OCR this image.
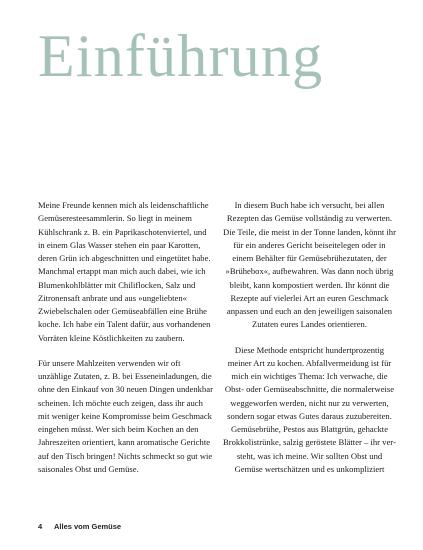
Einführung

Meine Freunde kennen mich als leidenschaftliche Gemüseresteesammlerin. So liegt in meinem Kühlschrank z. B. ein Paprikaschotenviertel, und in einem Glas Wasser stehen ein paar Karotten, deren Grün ich abgeschnitten und eingetütet habe. Manchmal ertappt man mich auch dabei, wie ich Blumenkohlblätter mit Chiliflocken, Salz und Zitronensaft anbrate und aus »ungeliebten« Zwiebelschalen oder Gemüseabfällen eine Brühe koche. Ich habe ein Talent dafür, aus vorhandenen Vorräten kleine Köstlichkeiten zu zaubern.

Für unsere Mahlzeiten verwenden wir oft unzählige Zutaten, z. B. bei Esseneinladungen, die ohne den Einkauf von 30 neuen Dingen undenkbar scheinen. Ich möchte euch zeigen, dass ihr auch mit weniger keine Kompromisse beim Geschmack eingehen müsst. Wer sich beim Kochen an den Jahreszeiten orientiert, kann aromatische Gerichte auf den Tisch bringen! Nichts schmeckt so gut wie saisonales Obst und Gemüse.

In diesem Buch habe ich versucht, bei allen Rezepten das Gemüse vollständig zu verwerten. Die Teile, die meist in der Tonne landen, könnt ihr für ein anderes Gericht beiseitelegen oder in einem Behälter für Gemüsebrühezutaten, der »Brühebox«, aufbewahren. Was dann noch übrig bleibt, kann kompostiert werden. Ihr könnt die Rezepte auf vielerlei Art an euren Geschmack anpassen und euch an den jeweiligen saisonalen Zutaten eures Landes orientieren.

Diese Methode entspricht hundertprozentig meiner Art zu kochen. Abfallvermeidung ist für mich ein wichtiges Thema: Ich verwache, die Obst- oder Gemüseabschnitte, die normalerweise weggeworfen werden, nicht nur zu verwerten, sondern sogar etwas Gutes daraus zuzubereiten. Gemüsebrühe, Pestos aus Blattgrün, gehackte Brokkolistrünke, salzig geröstete Blätter – ihr versteht, was ich meine. Wir sollten Obst und Gemüse wertschätzen und es unkompliziert

4 Alles vom Gemüse
